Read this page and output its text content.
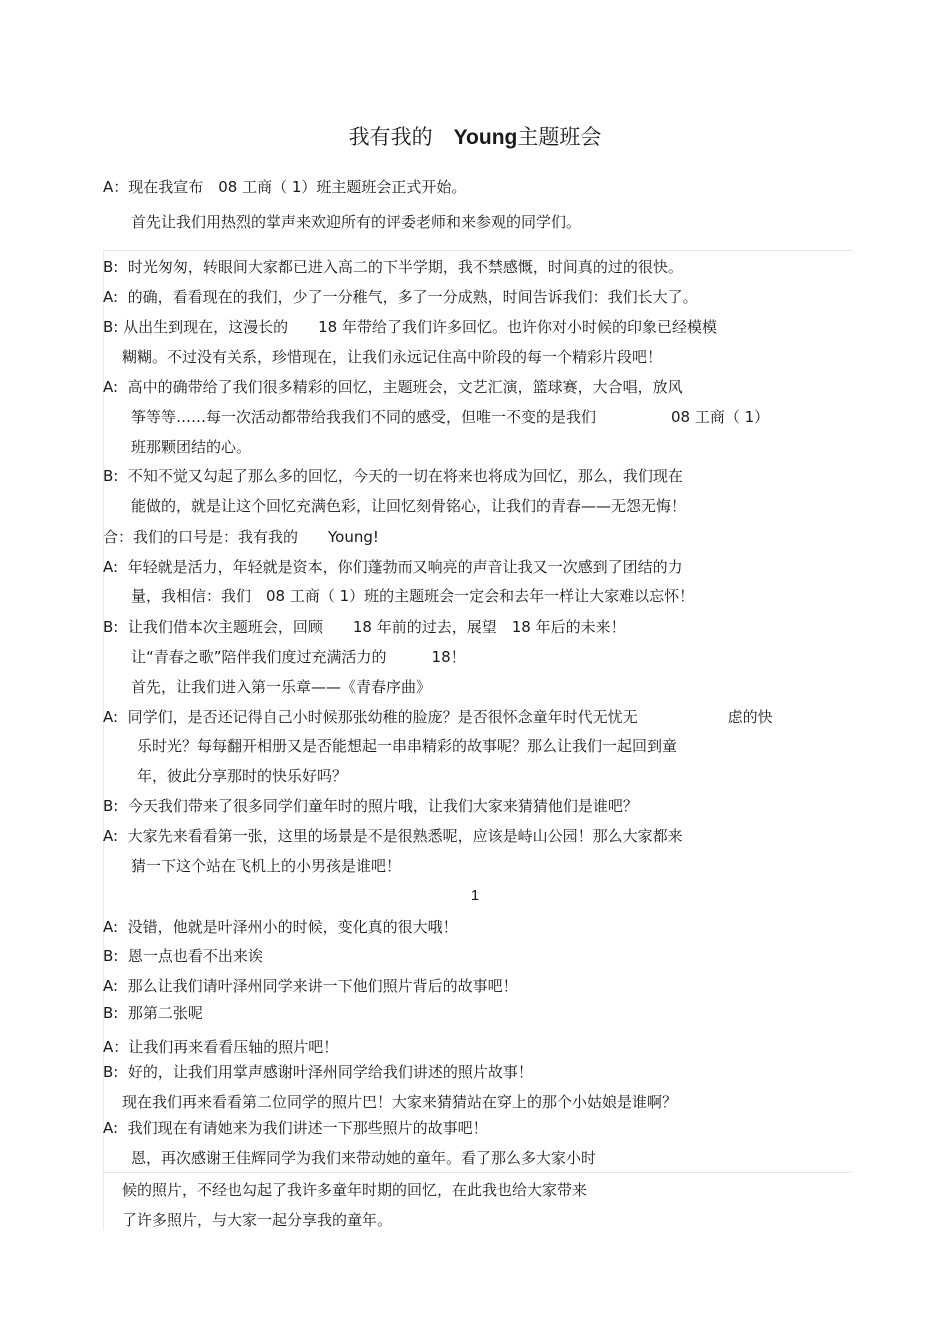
我有我的  Young主题班会
A：现在我宣布　08 工商（ 1）班主题班会正式开始。
首先让我们用热烈的掌声来欢迎所有的评委老师和来参观的同学们。
B:  时光匆匆，转眼间大家都已进入高二的下半学期，我不禁感慨，时间真的过的很快。
A:  的确，看看现在的我们，少了一分稚气，多了一分成熟，时间告诉我们：我们长大了。
B: 从出生到现在，这漫长的　　18 年带给了我们许多回忆。也许你对小时候的印象已经模模
糊糊。不过没有关系，珍惜现在，让我们永远记住高中阶段的每一个精彩片段吧！
A:  高中的确带给了我们很多精彩的回忆，主题班会，文艺汇演，篮球赛，大合唱，放风
筝等等……每一次活动都带给我我们不同的感受，但唯一不变的是我们　　　　　08 工商（ 1）
班那颗团结的心。
B:  不知不觉又勾起了那么多的回忆，今天的一切在将来也将成为回忆，那么，我们现在
能做的，就是让这个回忆充满色彩，让回忆刻骨铭心，让我们的青春——无怨无悔！
合：我们的口号是：我有我的　　Young!
A:  年轻就是活力，年轻就是资本，你们蓬勃而又响亮的声音让我又一次感到了团结的力
量，我相信：我们　08 工商（ 1）班的主题班会一定会和去年一样让大家难以忘怀！
B:  让我们借本次主题班会，回顾　　18 年前的过去，展望　18 年后的未来！
让“青春之歌”陪伴我们度过充满活力的　　　18！
首先，让我们进入第一乐章——《青春序曲》
A:  同学们，是否还记得自己小时候那张幼稚的脸庞？是否很怀念童年时代无忧无　　　　　　虑的快
乐时光？每每翻开相册又是否能想起一串串精彩的故事呢？那么让我们一起回到童
年，彼此分享那时的快乐好吗？
B:  今天我们带来了很多同学们童年时的照片哦，让我们大家来猜猜他们是谁吧？
A:  大家先来看看第一张，这里的场景是不是很熟悉呢，应该是峙山公园！那么大家都来
猜一下这个站在飞机上的小男孩是谁吧！
1
A:  没错，他就是叶泽州小的时候，变化真的很大哦！
B:  恩一点也看不出来诶
A:  那么让我们请叶泽州同学来讲一下他们照片背后的故事吧！
B:  那第二张呢
A：让我们再来看看压轴的照片吧！
B:  好的，让我们用掌声感谢叶泽州同学给我们讲述的照片故事！
现在我们再来看看第二位同学的照片巴！大家来猜猜站在穿上的那个小姑娘是谁啊？
A:  我们现在有请她来为我们讲述一下那些照片的故事吧！
恩，再次感谢王佳辉同学为我们来带动她的童年。看了那么多大家小时
候的照片，不经也勾起了我许多童年时期的回忆，在此我也给大家带来
了许多照片，与大家一起分享我的童年。
